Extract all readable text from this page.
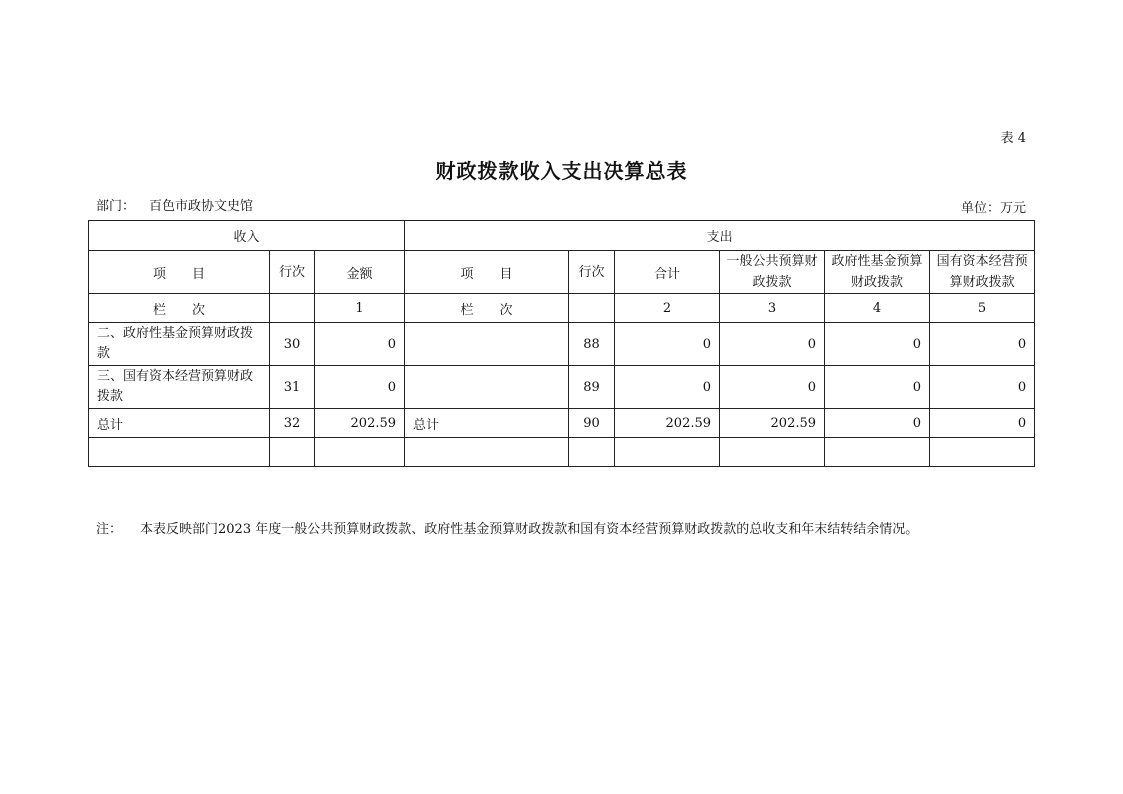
表 4
财政拨款收入支出决算总表
部门： 百色市政协文史馆	单位：万元
收入			支出					
项　　目	行次	金额	项　　目	行次	合计	一般公共预算财政拨款	政府性基金预算财政拨款	国有资本经营预算财政拨款
栏　　次		1	栏　　次		2	3	4	5
二、政府性基金预算财政拨款	30	0		88	0	0	0	0
三、国有资本经营预算财政拨款	31	0		89	0	0	0	0
总计	32	202.59	总计	90	202.59	202.59	0	0

注： 本表反映部门2023 年度一般公共预算财政拨款、政府性基金预算财政拨款和国有资本经营预算财政拨款的总收支和年末结转结余情况。
